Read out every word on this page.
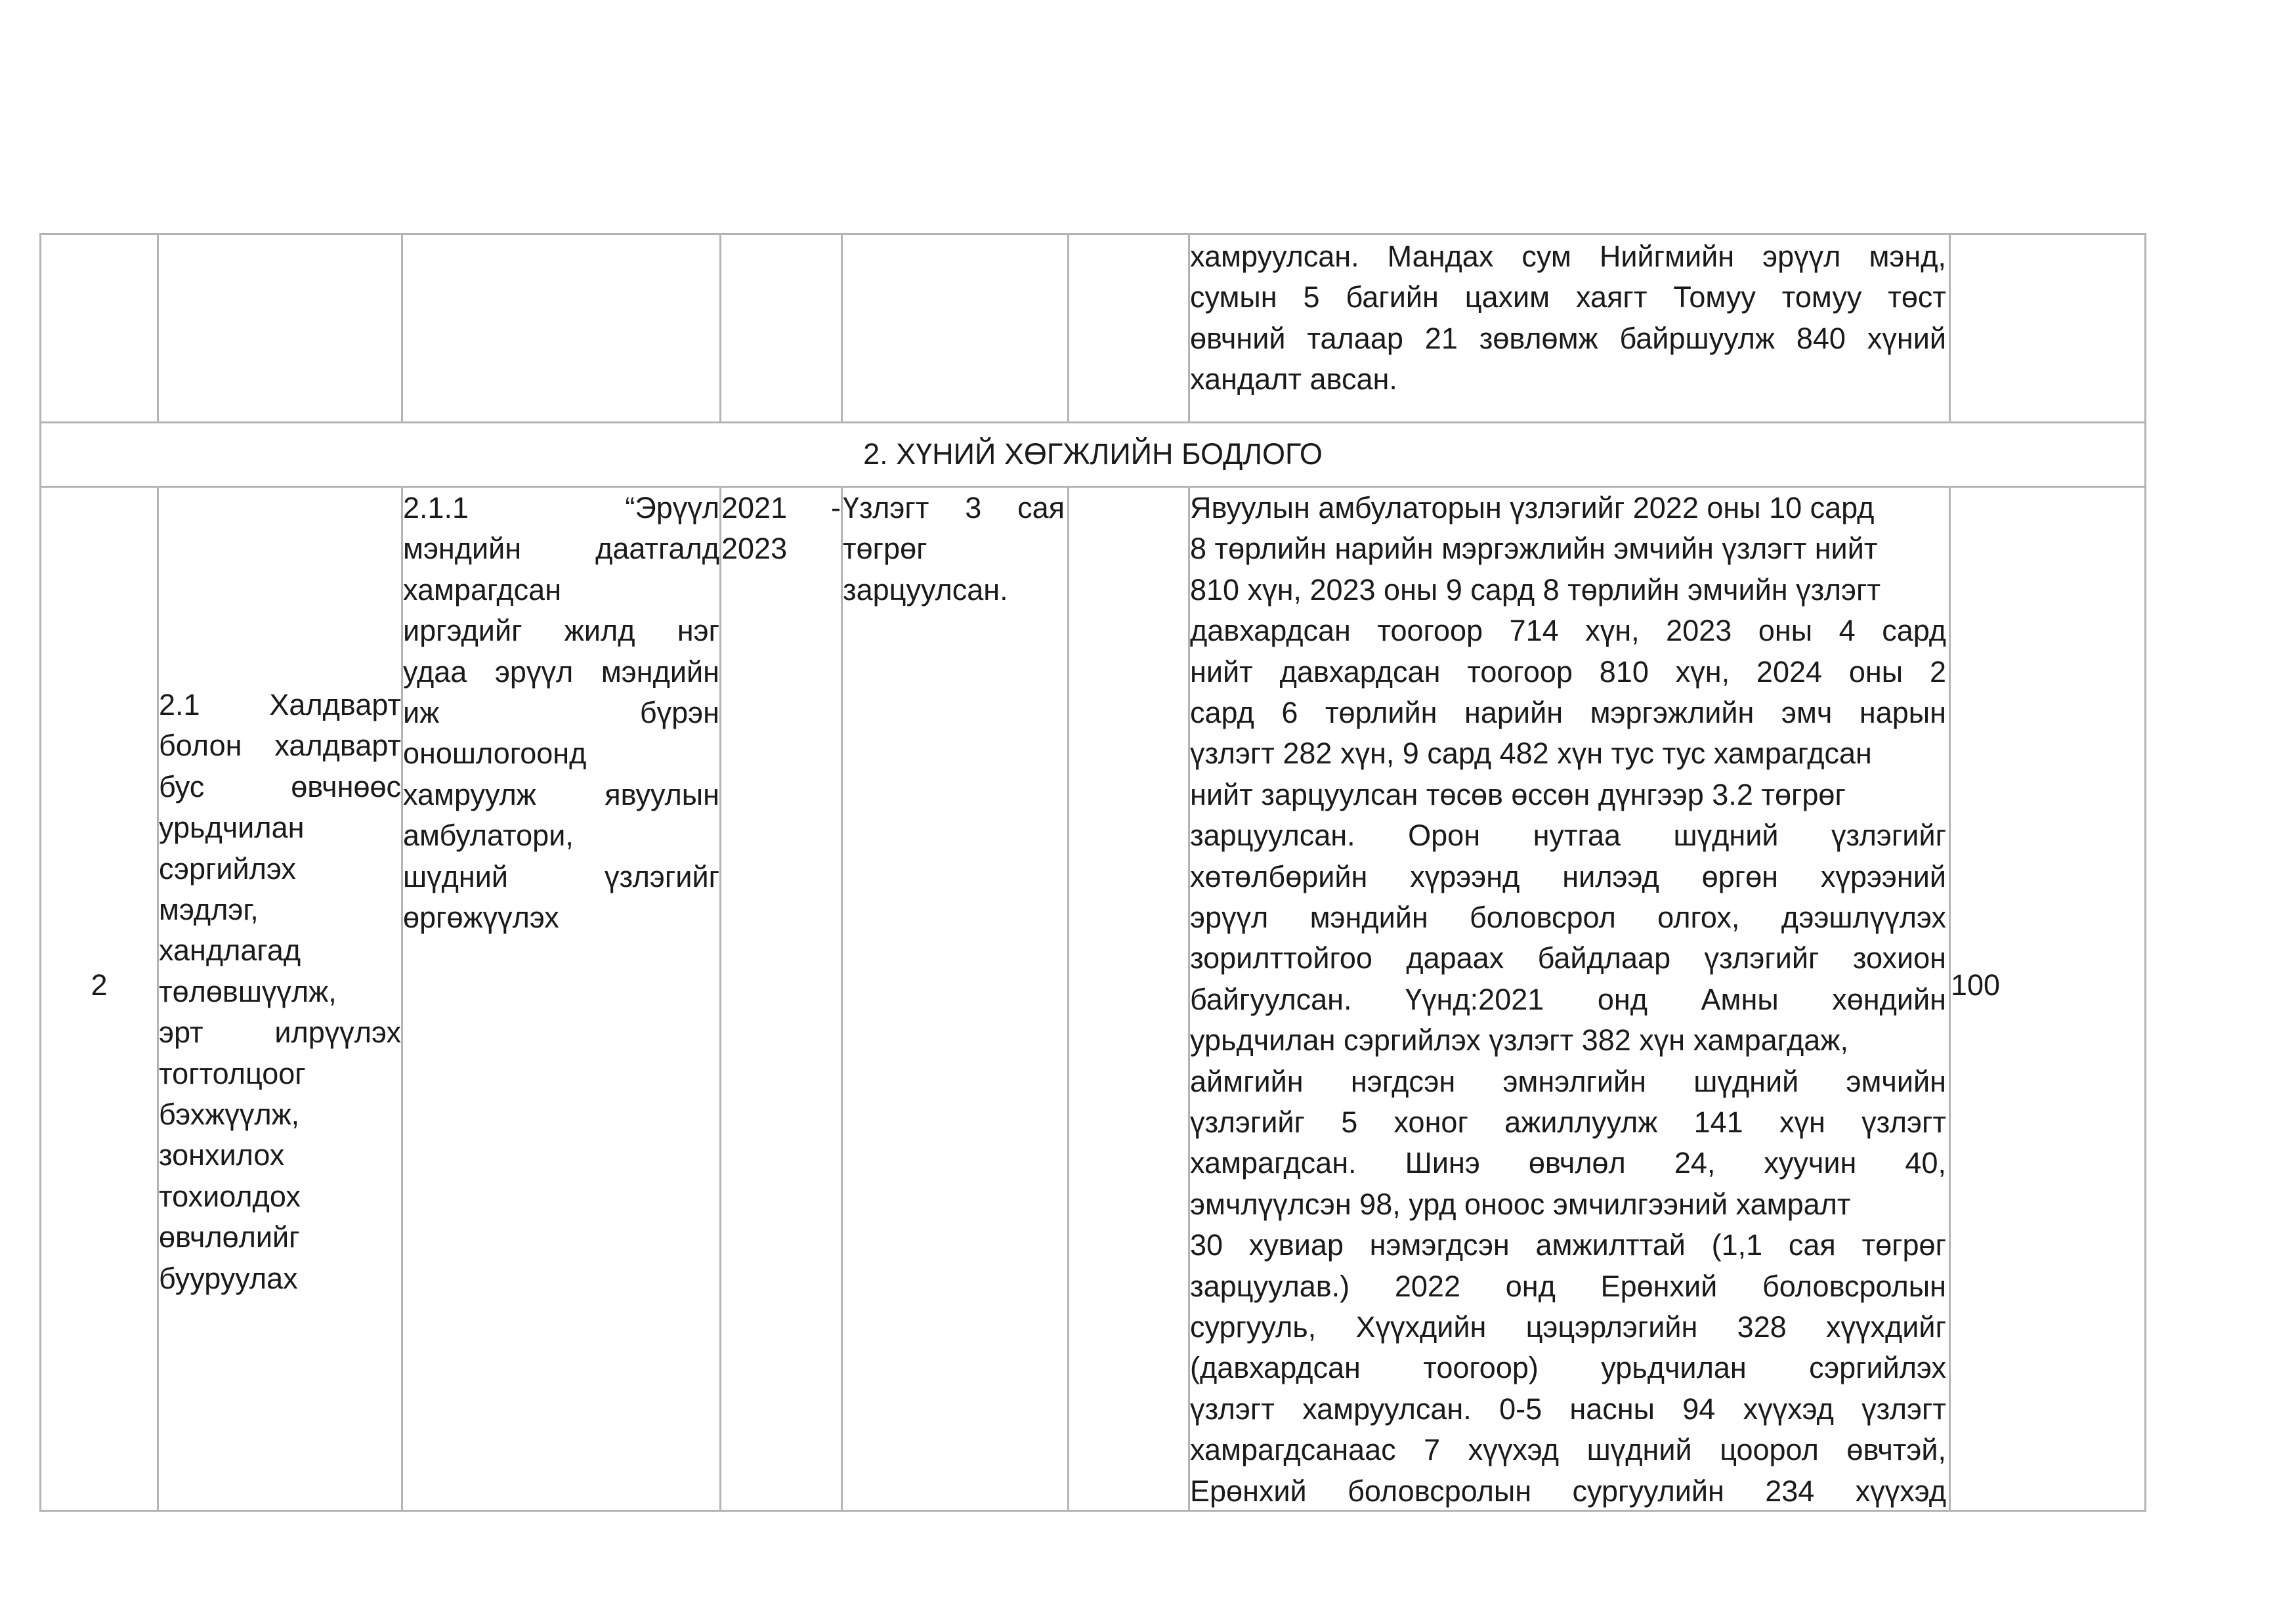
хамруулсан. Мандах сум Нийгмийн эрүүл мэнд,
сумын 5 багийн цахим хаягт Томуу томуу төст
өвчний талаар 21 зөвлөмж байршуулж 840 хүний
хандалт авсан.
2. ХҮНИЙ ХӨГЖЛИЙН БОДЛОГО
2
2.1 Халдварт
болон халдварт
бус өвчнөөс
урьдчилан
сэргийлэх
мэдлэг,
хандлагад
төлөвшүүлж,
эрт илрүүлэх
тогтолцоог
бэхжүүлж,
зонхилох
тохиолдох
өвчлөлийг
бууруулах
2.1.1 “Эрүүл
мэндийн даатгалд
хамрагдсан
иргэдийг жилд нэг
удаа эрүүл мэндийн
иж бүрэн
оношлогоонд
хамруулж явуулын
амбулатори,
шүдний үзлэгийг
өргөжүүлэх
2021 -
2023
Үзлэгт 3 сая
төгрөг
зарцуулсан.
Явуулын амбулаторын үзлэгийг 2022 оны 10 сард
8 төрлийн нарийн мэргэжлийн эмчийн үзлэгт нийт
810 хүн, 2023 оны 9 сард 8 төрлийн эмчийн үзлэгт
давхардсан тоогоор 714 хүн, 2023 оны 4 сард
нийт давхардсан тоогоор 810 хүн, 2024 оны 2
сард 6 төрлийн нарийн мэргэжлийн эмч нарын
үзлэгт 282 хүн, 9 сард 482 хүн тус тус хамрагдсан
нийт зарцуулсан төсөв өссөн дүнгээр 3.2 төгрөг
зарцуулсан. Орон нутгаа шүдний үзлэгийг
хөтөлбөрийн хүрээнд нилээд өргөн хүрээний
эрүүл мэндийн боловсрол олгох, дээшлүүлэх
зорилттойгоо дараах байдлаар үзлэгийг зохион
байгуулсан. Үүнд:2021 онд Амны хөндийн
урьдчилан сэргийлэх үзлэгт 382 хүн хамрагдаж,
аймгийн нэгдсэн эмнэлгийн шүдний эмчийн
үзлэгийг 5 хоног ажиллуулж 141 хүн үзлэгт
хамрагдсан. Шинэ өвчлөл 24, хуучин 40,
эмчлүүлсэн 98, урд оноос эмчилгээний хамралт
30 хувиар нэмэгдсэн амжилттай (1,1 сая төгрөг
зарцуулав.) 2022 онд Ерөнхий боловсролын
сургууль, Хүүхдийн цэцэрлэгийн 328 хүүхдийг
(давхардсан тоогоор) урьдчилан сэргийлэх
үзлэгт хамруулсан. 0-5 насны 94 хүүхэд үзлэгт
хамрагдсанаас 7 хүүхэд шүдний цоорол өвчтэй,
Ерөнхий боловсролын сургуулийн 234 хүүхэд
100
